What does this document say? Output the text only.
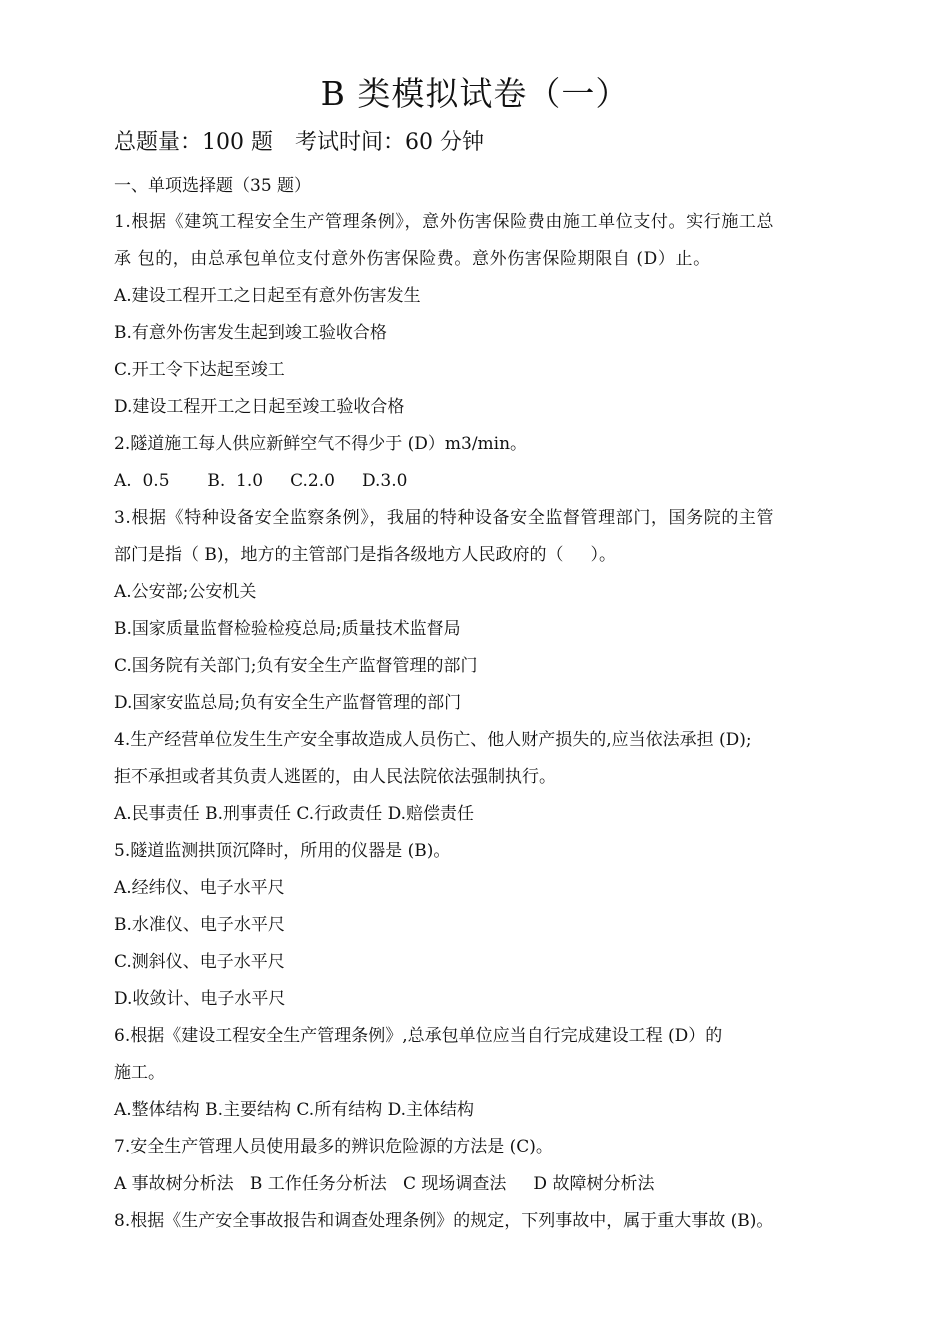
B 类模拟试卷（一）
总题量：100 题　考试时间：60 分钟
一、单项选择题（35 题）
1.根据《建筑工程安全生产管理条例》，意外伤害保险费由施工单位支付。实行施工总
承 包的，由总承包单位支付意外伤害保险费。意外伤害保险期限自 (D）止。
A.建设工程开工之日起至有意外伤害发生
B.有意外伤害发生起到竣工验收合格
C.开工令下达起至竣工
D.建设工程开工之日起至竣工验收合格
2.隧道施工每人供应新鲜空气不得少于 (D）m3/min。
A.  0.5       B.  1.0     C.2.0     D.3.0
3.根据《特种设备安全监察条例》，我届的特种设备安全监督管理部门，国务院的主管
部门是指（ B)，地方的主管部门是指各级地方人民政府的（     ）。
A.公安部;公安机关
B.国家质量监督检验检疫总局;质量技术监督局
C.国务院有关部门;负有安全生产监督管理的部门
D.国家安监总局;负有安全生产监督管理的部门
4.生产经营单位发生生产安全事故造成人员伤亡、他人财产损失的,应当依法承担 (D);
拒不承担或者其负责人逃匿的，由人民法院依法强制执行。
A.民事责任 B.刑事责任 C.行政责任 D.赔偿责任
5.隧道监测拱顶沉降时，所用的仪器是 (B)。
A.经纬仪、电子水平尺
B.水准仪、电子水平尺
C.测斜仪、电子水平尺
D.收敛计、电子水平尺
6.根据《建设工程安全生产管理条例》,总承包单位应当自行完成建设工程 (D）的
施工。
A.整体结构 B.主要结构 C.所有结构 D.主体结构
7.安全生产管理人员使用最多的辨识危险源的方法是 (C)。
A 事故树分析法   B 工作任务分析法   C 现场调查法     D 故障树分析法
8.根据《生产安全事故报告和调查处理条例》的规定，下列事故中，属于重大事故 (B)。
